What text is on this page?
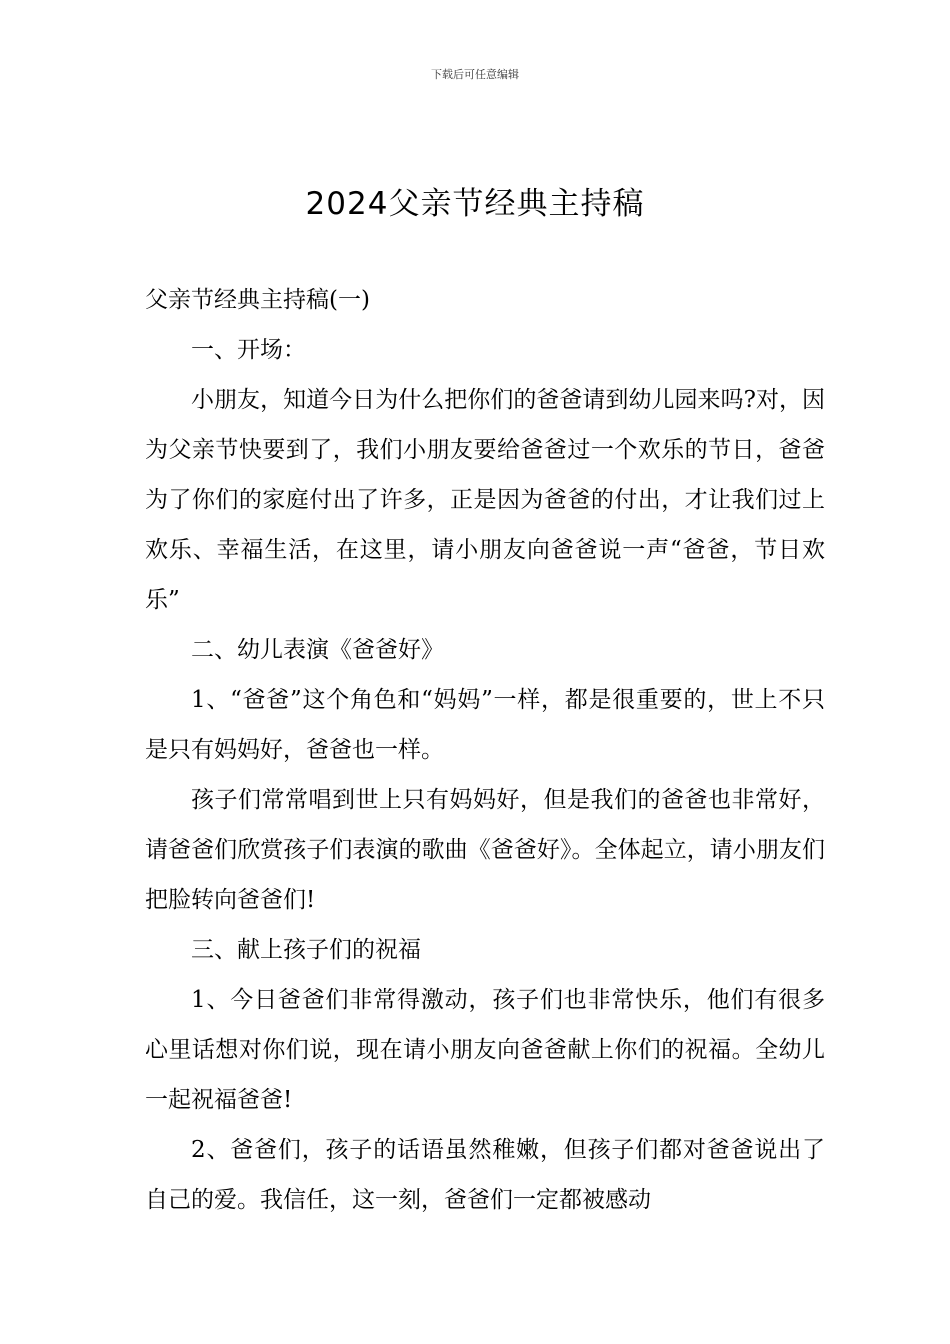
下载后可任意编辑
2024父亲节经典主持稿

父亲节经典主持稿(一)

一、开场：

小朋友，知道今日为什么把你们的爸爸请到幼儿园来吗?对，因为父亲节快要到了，我们小朋友要给爸爸过一个欢乐的节日，爸爸为了你们的家庭付出了许多，正是因为爸爸的付出，才让我们过上欢乐、幸福生活，在这里，请小朋友向爸爸说一声“爸爸，节日欢乐”

二、幼儿表演《爸爸好》

1、“爸爸”这个角色和“妈妈”一样，都是很重要的，世上不只是只有妈妈好，爸爸也一样。

孩子们常常唱到世上只有妈妈好，但是我们的爸爸也非常好，请爸爸们欣赏孩子们表演的歌曲《爸爸好》。全体起立，请小朋友们把脸转向爸爸们!

三、献上孩子们的祝福

1、今日爸爸们非常得激动，孩子们也非常快乐，他们有很多心里话想对你们说，现在请小朋友向爸爸献上你们的祝福。全幼儿一起祝福爸爸!

2、爸爸们，孩子的话语虽然稚嫩，但孩子们都对爸爸说出了自己的爱。我信任，这一刻，爸爸们一定都被感动
